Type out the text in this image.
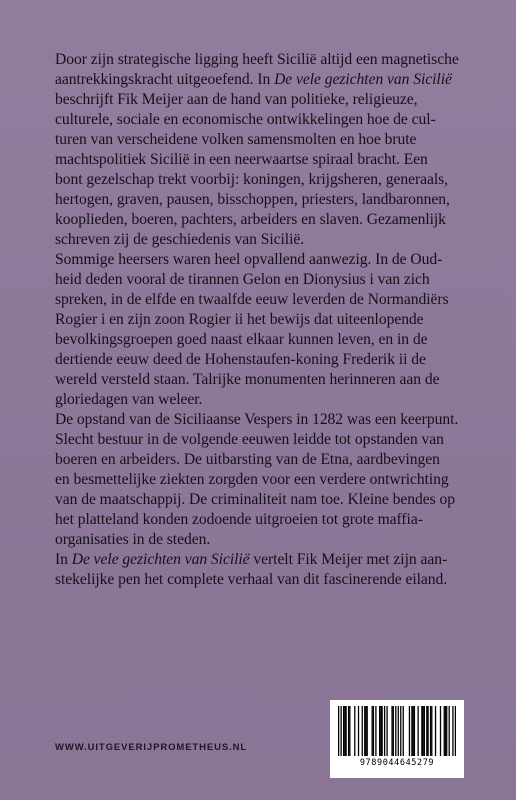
Door zijn strategische ligging heeft Sicilië altijd een magnetische
aantrekkingskracht uitgeoefend. In De vele gezichten van Sicilië
beschrijft Fik Meijer aan de hand van politieke, religieuze,
culturele, sociale en economische ontwikkelingen hoe de cul-
turen van verscheidene volken samensmolten en hoe brute
machtspolitiek Sicilië in een neerwaartse spiraal bracht. Een
bont gezelschap trekt voorbij: koningen, krijgsheren, generaals,
hertogen, graven, pausen, bisschoppen, priesters, landbaronnen,
kooplieden, boeren, pachters, arbeiders en slaven. Gezamenlijk
schreven zij de geschiedenis van Sicilië.
Sommige heersers waren heel opvallend aanwezig. In de Oud-
heid deden vooral de tirannen Gelon en Dionysius i van zich
spreken, in de elfde en twaalfde eeuw leverden de Normandiërs
Rogier i en zijn zoon Rogier ii het bewijs dat uiteenlopende
bevolkingsgroepen goed naast elkaar kunnen leven, en in de
dertiende eeuw deed de Hohenstaufen-koning Frederik ii de
wereld versteld staan. Talrijke monumenten herinneren aan de
gloriedagen van weleer.
De opstand van de Siciliaanse Vespers in 1282 was een keerpunt.
Slecht bestuur in de volgende eeuwen leidde tot opstanden van
boeren en arbeiders. De uitbarsting van de Etna, aardbevingen
en besmettelijke ziekten zorgden voor een verdere ontwrichting
van de maatschappij. De criminaliteit nam toe. Kleine bendes op
het platteland konden zodoende uitgroeien tot grote maffia-
organisaties in de steden.
In De vele gezichten van Sicilië vertelt Fik Meijer met zijn aan-
stekelijke pen het complete verhaal van dit fascinerende eiland.
WWW.UITGEVERIJPROMETHEUS.NL
9789044645279
